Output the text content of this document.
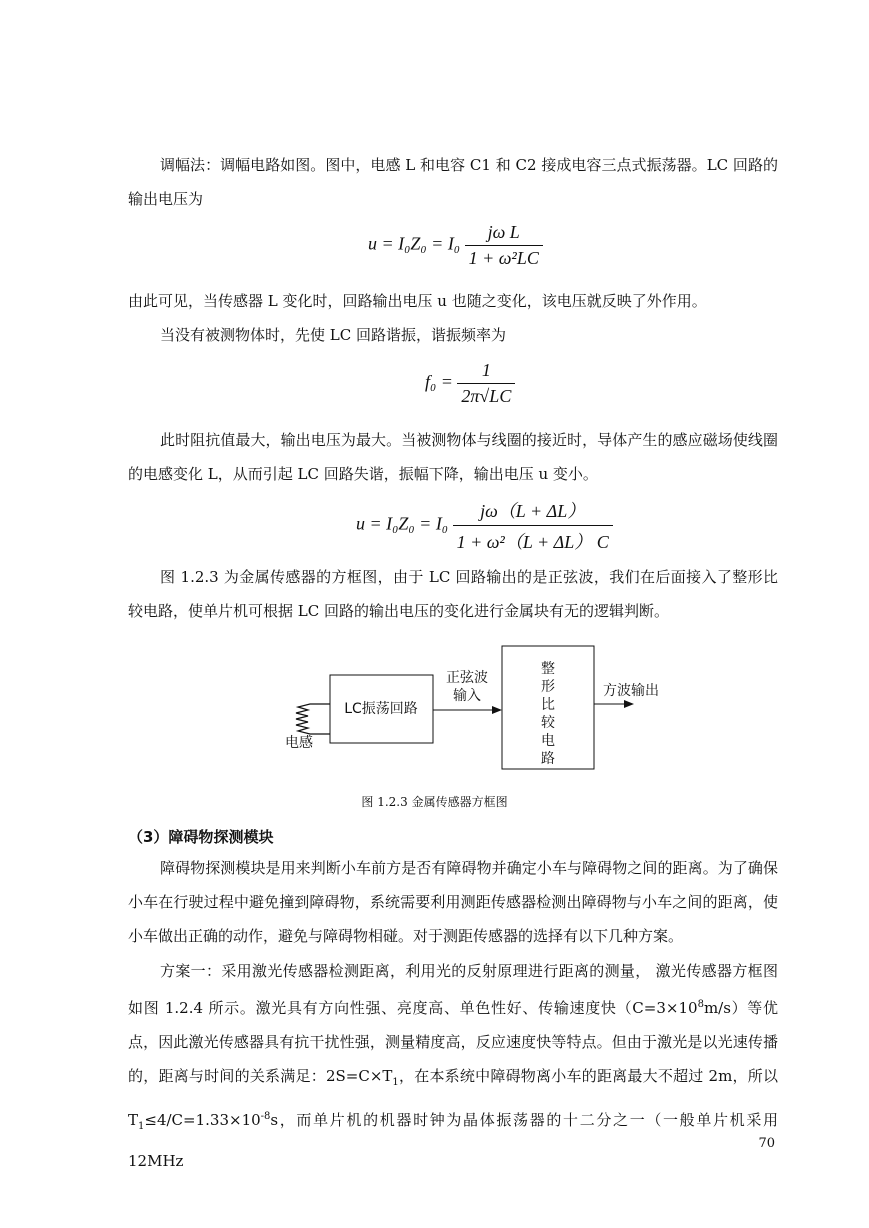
调幅法：调幅电路如图。图中，电感 L 和电容 C1 和 C2 接成电容三点式振荡器。LC 回路的输出电压为

$u = I_0Z_0 = I_0 \frac{\text{jω L}}{\text{1 + ω²LC}}$

由此可见，当传感器 L 变化时，回路输出电压 u 也随之变化，该电压就反映了外作用。

当没有被测物体时，先使 LC 回路谐振，谐振频率为

$f_0 = \frac{1}{2\pi√LC}$

此时阻抗值最大，输出电压为最大。当被测物体与线圈的接近时，导体产生的感应磁场使线圈的电感变化 L，从而引起 LC 回路失谐，振幅下降，输出电压 u 变小。

$u = I_0Z_0 = I_0 \frac{j\omega(L + \Delta L)}{\text{1 + ω²（L + ΔL） C}}$

图 1.2.3 为金属传感器的方框图，由于 LC 回路输出的是正弦波，我们在后面接入了整形比较电路，使单片机可根据 LC 回路的输出电压的变化进行金属块有无的逻辑判断。

LC振荡回路
电感
正弦波
输入
整
形
比
较
电
路
方波输出
图 1.2.3 金属传感器方框图
（3）障碍物探测模块

障碍物探测模块是用来判断小车前方是否有障碍物并确定小车与障碍物之间的距离。为了确保小车在行驶过程中避免撞到障碍物，系统需要利用测距传感器检测出障碍物与小车之间的距离，使小车做出正确的动作，避免与障碍物相碰。对于测距传感器的选择有以下几种方案。

方案一：采用激光传感器检测距离，利用光的反射原理进行距离的测量， 激光传感器方框图如图 1.2.4 所示。激光具有方向性强、亮度高、单色性好、传输速度快$(C=3\times 10^8m/s)$等优点，因此激光传感器具有抗干扰性强，测量精度高，反应速度快等特点。但由于激光是以光速传播的，距离与时间的关系满足：$2S=C\times T_1$，在本系统中障碍物离小车的距离最大不超过 2m，所以 $T_1\le 4/C=1.33\times 10^{-8}s$，而单片机的机器时钟为晶体振荡器的十二分之一（一般单片机采用 12MHz

70
